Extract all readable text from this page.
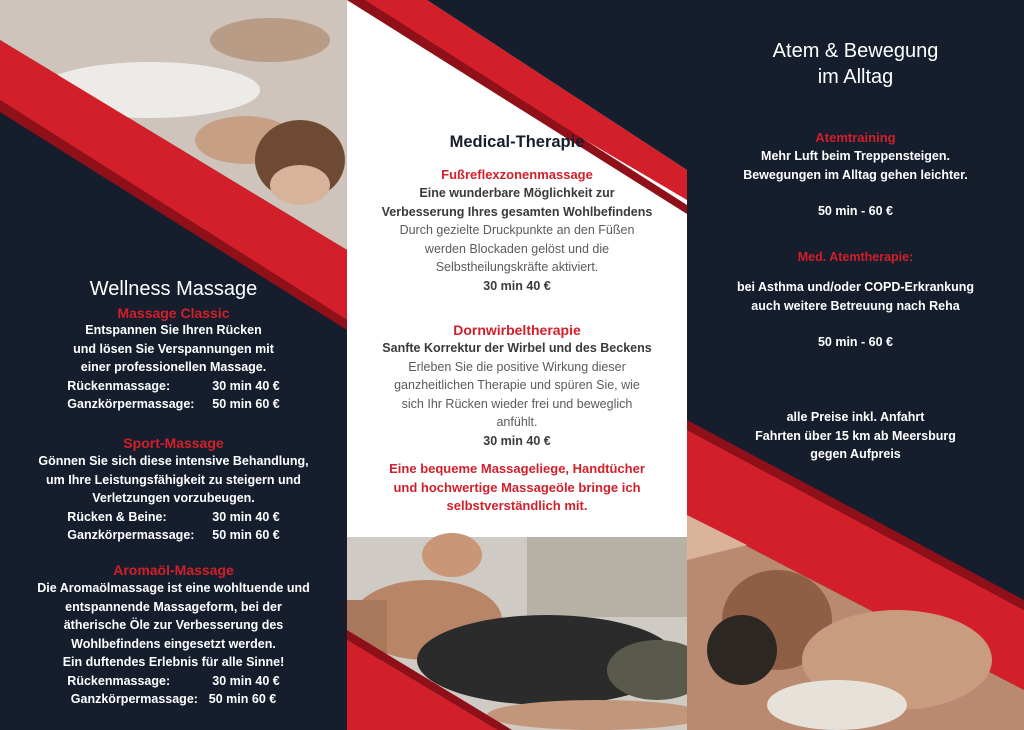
Wellness Massage
Massage Classic
Entspannen Sie Ihren Rücken
und lösen Sie Verspannungen mit
einer professionellen Massage.
Rückenmassage:	30 min 40 €
Ganzkörpermassage:	50 min 60 €
Sport-Massage
Gönnen Sie sich diese intensive Behandlung,
um Ihre Leistungsfähigkeit zu steigern und
Verletzungen vorzubeugen.
Rücken & Beine:	30 min 40 €
Ganzkörpermassage:	50 min 60 €
Aromaöl-Massage
Die Aromaölmassage ist eine wohltuende und
entspannende Massageform, bei der
ätherische Öle zur Verbesserung des
Wohlbefindens eingesetzt werden.
Ein duftendes Erlebnis für alle Sinne!
Rückenmassage:	30 min 40 €
Ganzkörpermassage: 50 min 60 €
Medical-Therapie
Fußreflexzonenmassage
Eine wunderbare Möglichkeit zur
Verbesserung Ihres gesamten Wohlbefindens
Durch gezielte Druckpunkte an den Füßen
werden Blockaden gelöst und die
Selbstheilungskräfte aktiviert.
30 min 40 €
Dornwirbeltherapie
Sanfte Korrektur der Wirbel und des Beckens
Erleben Sie die positive Wirkung dieser
ganzheitlichen Therapie und spüren Sie, wie
sich Ihr Rücken wieder frei und beweglich
anfühlt.
30 min 40 €
Eine bequeme Massageliege, Handtücher
und hochwertige Massageöle bringe ich
selbstverständlich mit.
Atem & Bewegung
im Alltag
Atemtraining
Mehr Luft beim Treppensteigen.
Bewegungen im Alltag gehen leichter.
50 min - 60 €
Med. Atemtherapie:
bei Asthma und/oder COPD-Erkrankung
auch weitere Betreuung nach Reha
50 min - 60 €
alle Preise inkl. Anfahrt
Fahrten über 15 km ab Meersburg
gegen Aufpreis
